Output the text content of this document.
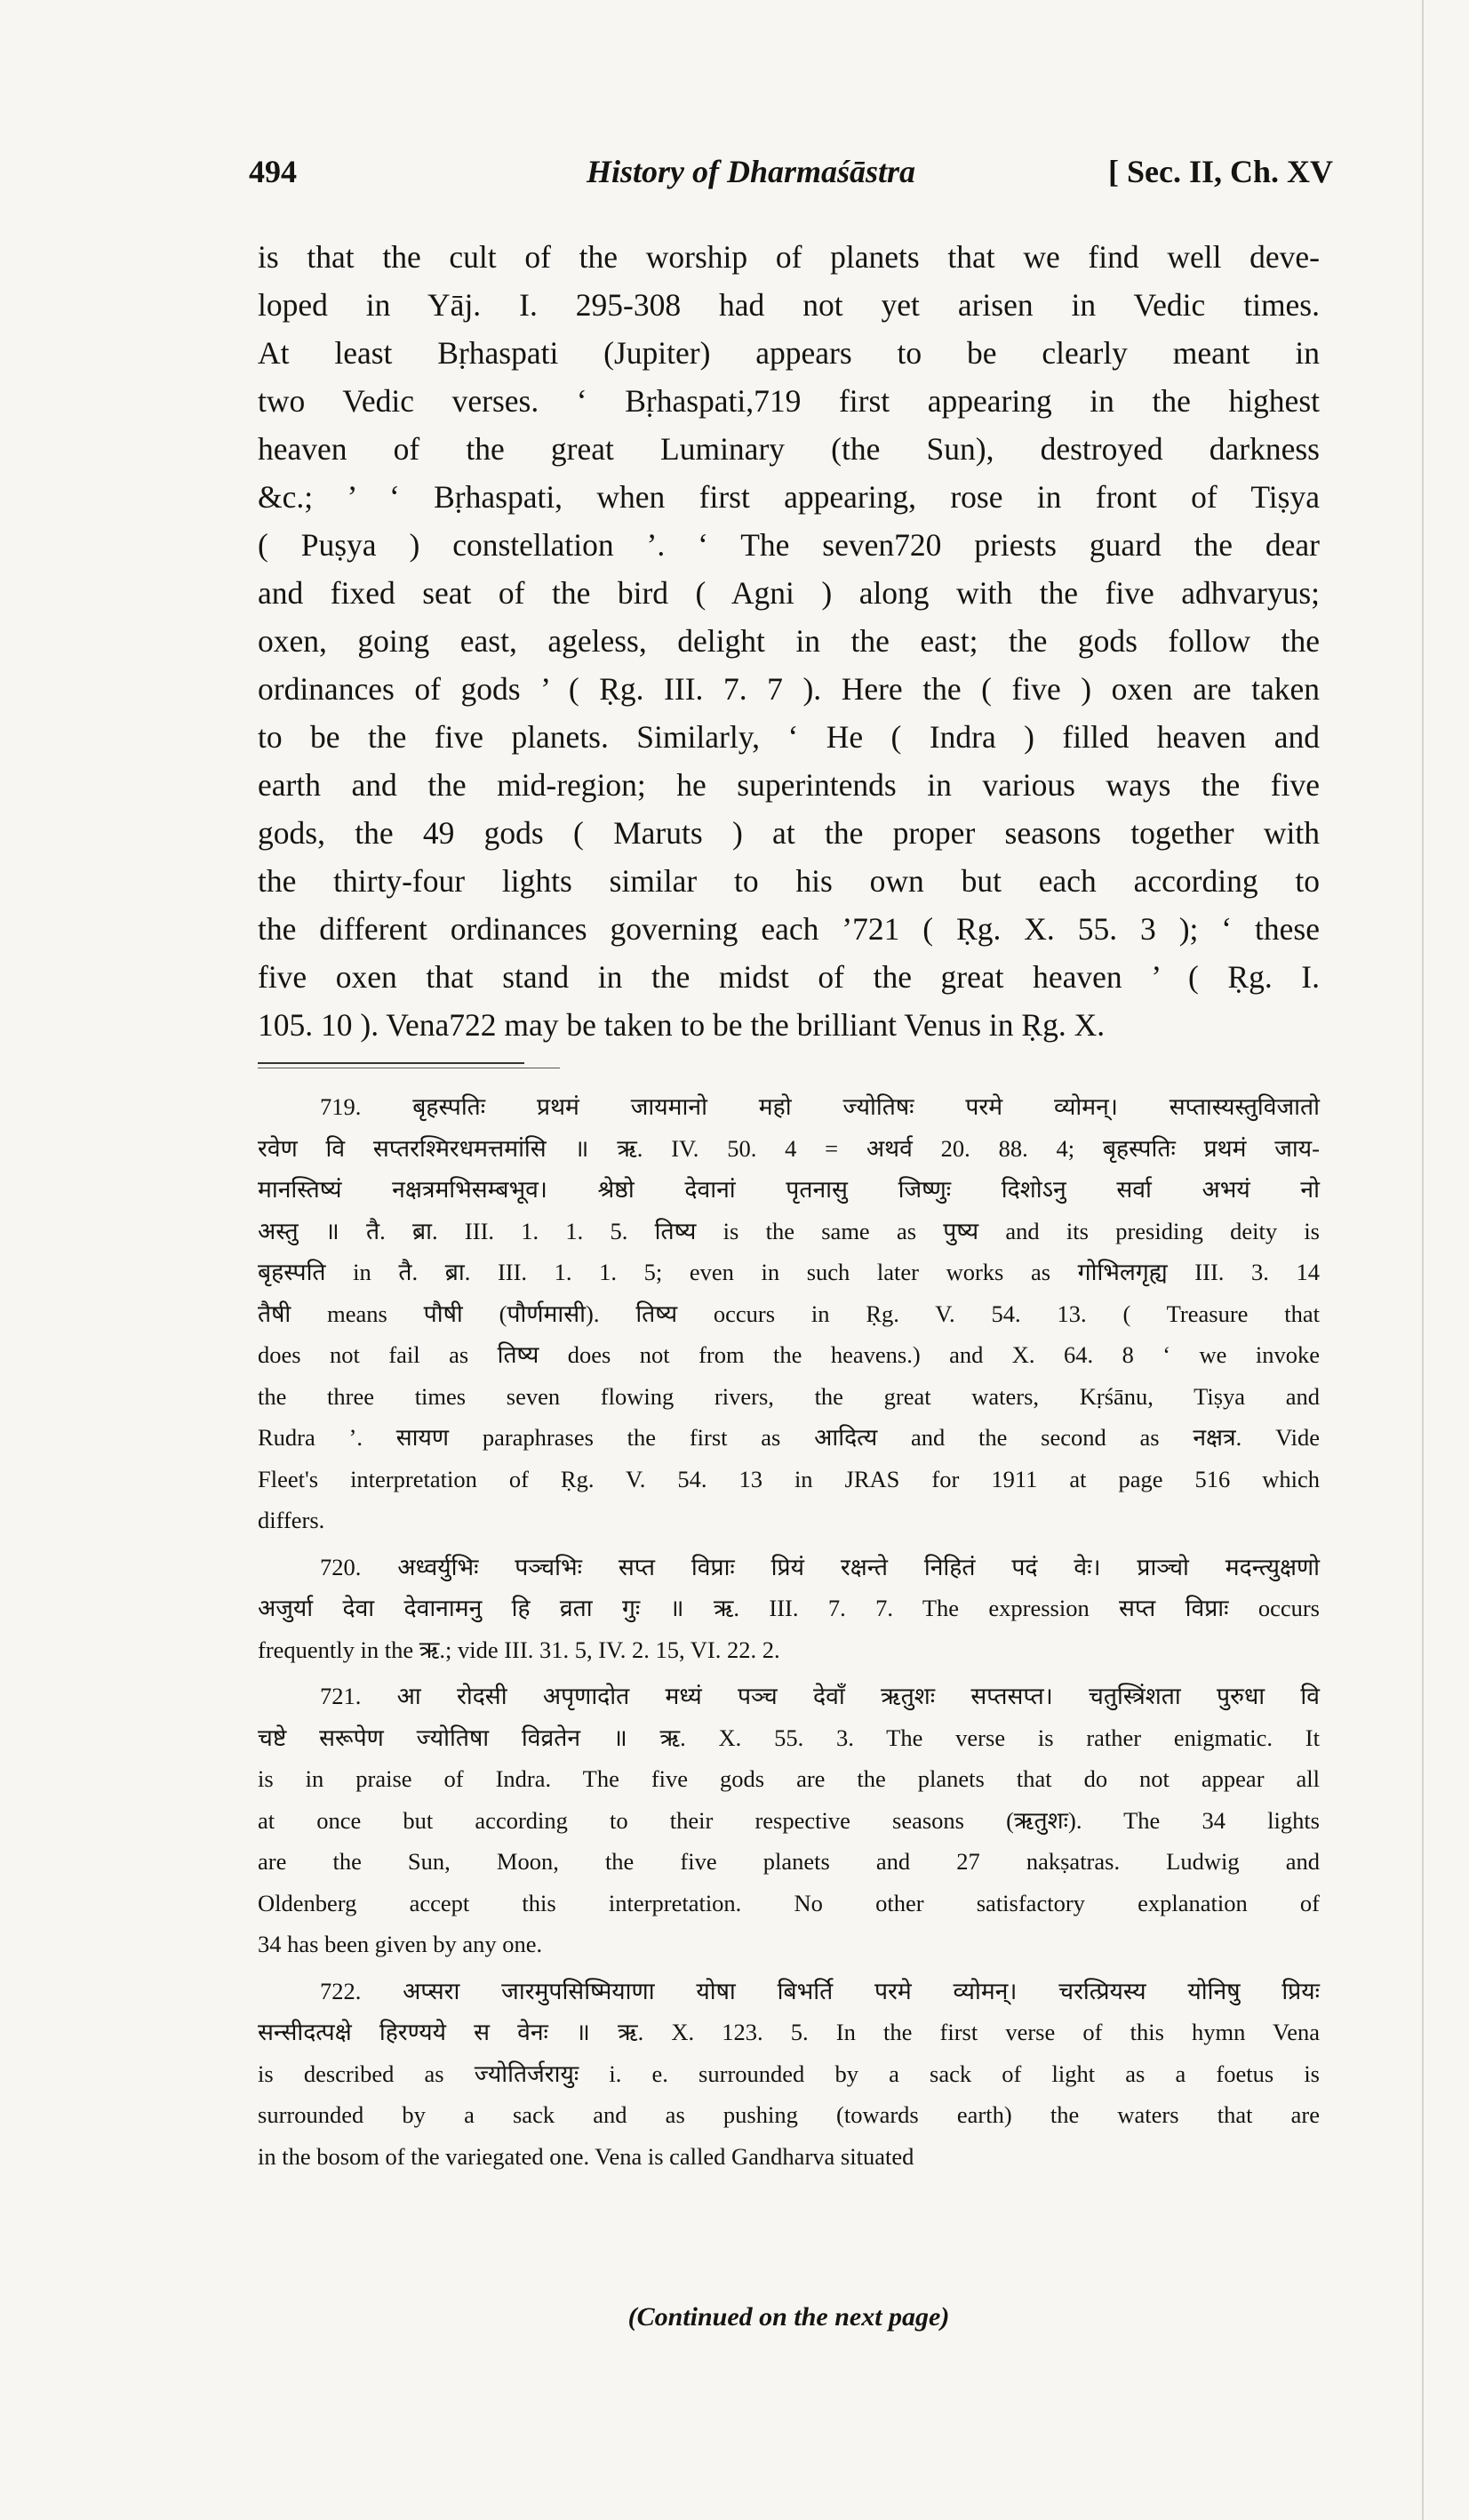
494	History of Dharmaśāstra	[ Sec. II, Ch. XV

is that the cult of the worship of planets that we find well deve-

loped in Yāj. I. 295-308 had not yet arisen in Vedic times.

At least Bṛhaspati (Jupiter) appears to be clearly meant in

two Vedic verses. ‘ Bṛhaspati,719 first appearing in the highest

heaven of the great Luminary (the Sun), destroyed darkness

&c.; ’ ‘ Bṛhaspati, when first appearing, rose in front of Tiṣya

( Puṣya ) constellation ’. ‘ The seven720 priests guard the dear

and fixed seat of the bird ( Agni ) along with the five adhvaryus;

oxen, going east, ageless, delight in the east; the gods follow the

ordinances of gods ’ ( Ṛg. III. 7. 7 ). Here the ( five ) oxen are taken

to be the five planets. Similarly, ‘ He ( Indra ) filled heaven and

earth and the mid-region; he superintends in various ways the five

gods, the 49 gods ( Maruts ) at the proper seasons together with

the thirty-four lights similar to his own but each according to

the different ordinances governing each ’721 ( Ṛg. X. 55. 3 ); ‘ these

five oxen that stand in the midst of the great heaven ’ ( Ṛg. I.

105. 10 ). Vena722 may be taken to be the brilliant Venus in Ṛg. X.

719. बृहस्पतिः प्रथमं जायमानो महो ज्योतिषः परमे व्योमन्। सप्तास्यस्तुविजातो

रवेण वि सप्तरश्मिरधमत्तमांसि ॥ ऋ. IV. 50. 4 = अथर्व 20. 88. 4; बृहस्पतिः प्रथमं जाय-

मानस्तिष्यं नक्षत्रमभिसम्बभूव। श्रेष्ठो देवानां पृतनासु जिष्णुः दिशोऽनु सर्वा अभयं नो

अस्तु ॥ तै. ब्रा. III. 1. 1. 5. तिष्य is the same as पुष्य and its presiding deity is

बृहस्पति in तै. ब्रा. III. 1. 1. 5; even in such later works as गोभिलगृह्य III. 3. 14

तैषी means पौषी (पौर्णमासी). तिष्य occurs in Ṛg. V. 54. 13. ( Treasure that

does not fail as तिष्य does not from the heavens.) and X. 64. 8 ‘ we invoke

the three times seven flowing rivers, the great waters, Kṛśānu, Tiṣya and

Rudra ’. सायण paraphrases the first as आदित्य and the second as नक्षत्र. Vide

Fleet's interpretation of Ṛg. V. 54. 13 in JRAS for 1911 at page 516 which

differs.

720. अध्वर्युभिः पञ्चभिः सप्त विप्राः प्रियं रक्षन्ते निहितं पदं वेः। प्राञ्चो मदन्त्युक्षणो

अजुर्या देवा देवानामनु हि व्रता गुः ॥ ऋ. III. 7. 7. The expression सप्त विप्राः occurs

frequently in the ऋ.; vide III. 31. 5, IV. 2. 15, VI. 22. 2.

721. आ रोदसी अपृणादोत मध्यं पञ्च देवाँ ऋतुशः सप्तसप्त। चतुस्त्रिंशता पुरुधा वि

चष्टे सरूपेण ज्योतिषा विव्रतेन ॥ ऋ. X. 55. 3. The verse is rather enigmatic. It

is in praise of Indra. The five gods are the planets that do not appear all

at once but according to their respective seasons (ऋतुशः). The 34 lights

are the Sun, Moon, the five planets and 27 nakṣatras. Ludwig and

Oldenberg accept this interpretation. No other satisfactory explanation of

34 has been given by any one.

722. अप्सरा जारमुपसिष्मियाणा योषा बिभर्ति परमे व्योमन्। चरत्प्रियस्य योनिषु प्रियः

सन्सीदत्पक्षे हिरण्यये स वेनः ॥ ऋ. X. 123. 5. In the first verse of this hymn Vena

is described as ज्योतिर्जरायुः i. e. surrounded by a sack of light as a foetus is

surrounded by a sack and as pushing (towards earth) the waters that are

in the bosom of the variegated one. Vena is called Gandharva situated

(Continued on the next page)
